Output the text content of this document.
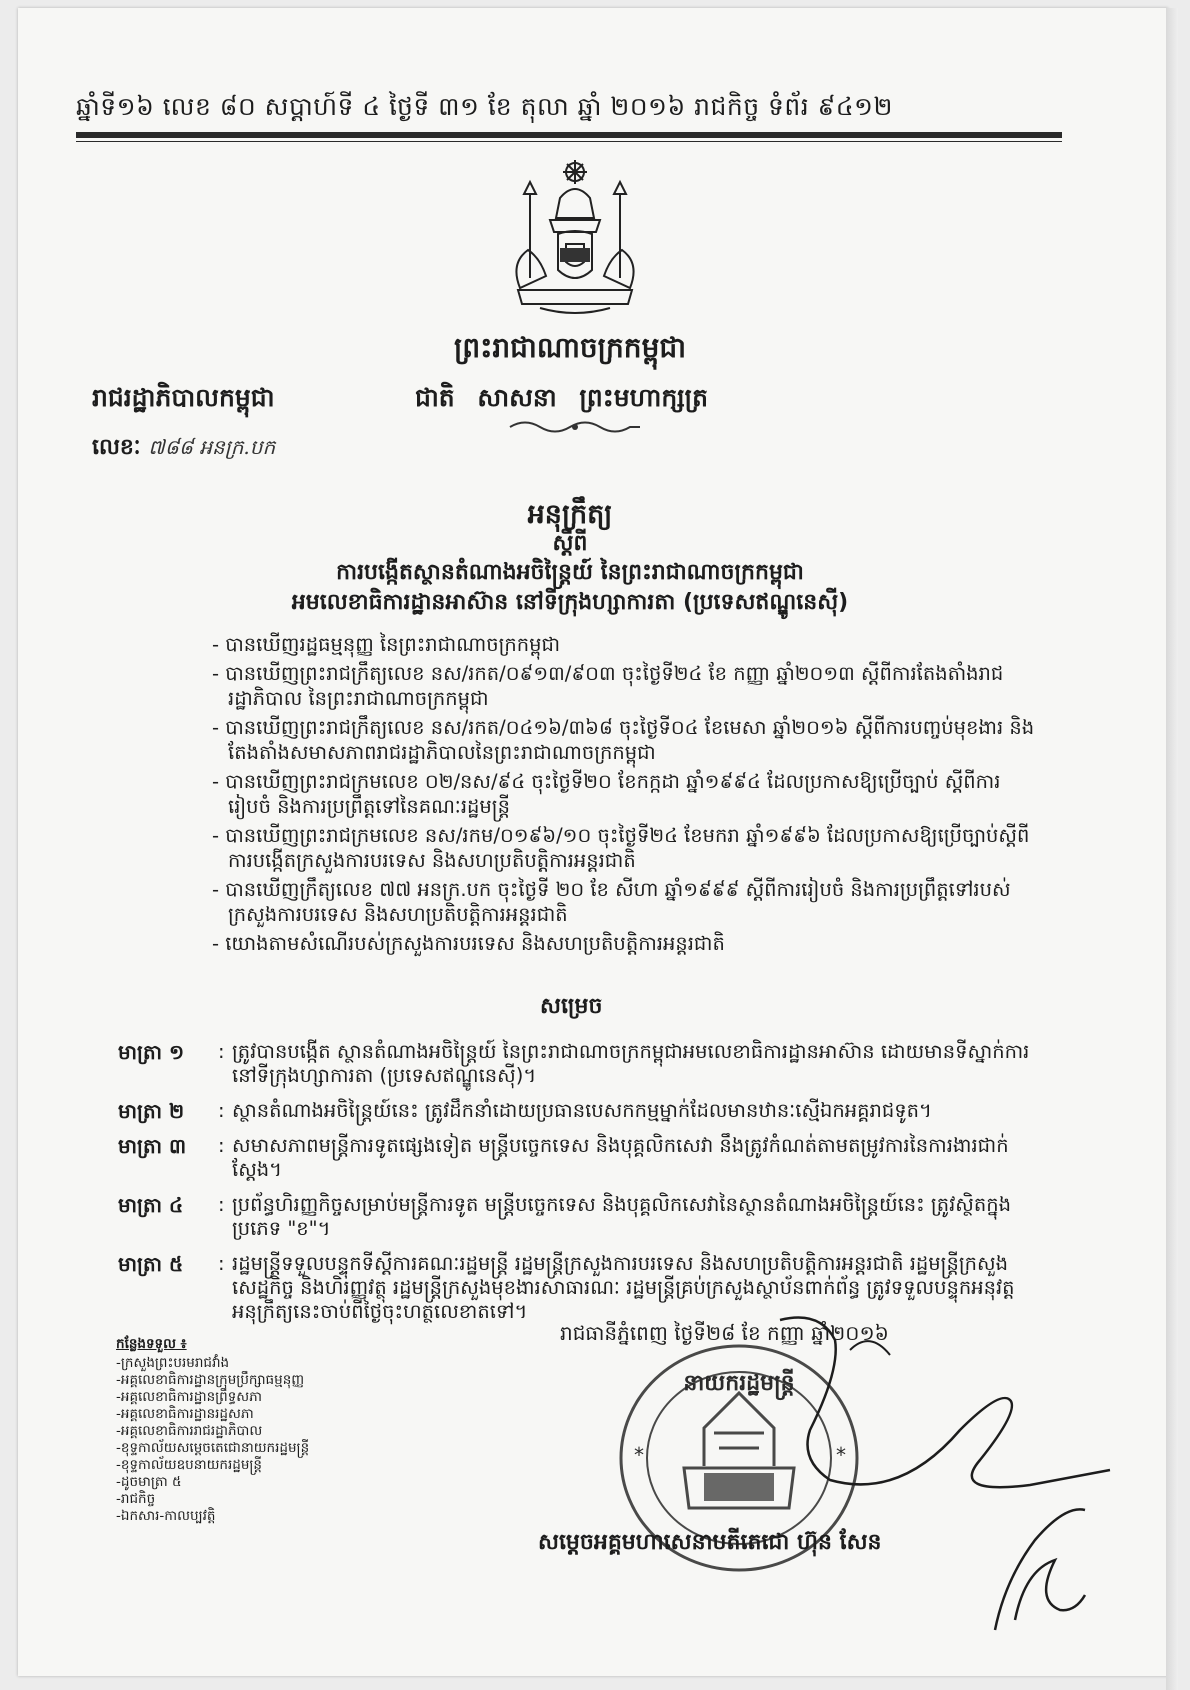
ឆ្នាំទី១៦ លេខ ៨០ សប្តាហ៍ទី ៤ ថ្ងៃទី ៣១ ខែ តុលា ឆ្នាំ ២០១៦ រាជកិច្ច ទំព័រ ៩៤១២
ព្រះរាជាណាចក្រកម្ពុជា
រាជរដ្ឋាភិបាលកម្ពុជា	ជាតិ សាសនា ព្រះមហាក្សត្រ
លេខៈ ៧៨៨ អនក្រ.បក
អនុក្រឹត្យ
ស្តីពី
ការបង្កើតស្ថានតំណាងអចិន្ត្រៃយ៍ នៃព្រះរាជាណាចក្រកម្ពុជា
អមលេខាធិការដ្ឋានអាស៊ាន នៅទីក្រុងហ្សាការតា (ប្រទេសឥណ្ឌូនេស៊ី)
- បានឃើញរដ្ឋធម្មនុញ្ញ នៃព្រះរាជាណាចក្រកម្ពុជា
- បានឃើញព្រះរាជក្រឹត្យលេខ នស/រកត/០៩១៣/៩០៣ ចុះថ្ងៃទី២៤ ខែ កញ្ញា ឆ្នាំ២០១៣ ស្តីពីការតែងតាំងរាជរដ្ឋាភិបាល នៃព្រះរាជាណាចក្រកម្ពុជា
- បានឃើញព្រះរាជក្រឹត្យលេខ នស/រកត/០៤១៦/៣៦៨ ចុះថ្ងៃទី០៤ ខែមេសា ឆ្នាំ២០១៦ ស្តីពីការបញ្ចប់មុខងារ និងតែងតាំងសមាសភាពរាជរដ្ឋាភិបាលនៃព្រះរាជាណាចក្រកម្ពុជា
- បានឃើញព្រះរាជក្រមលេខ ០២/នស/៩៤ ចុះថ្ងៃទី២០ ខែកក្កដា ឆ្នាំ១៩៩៤ ដែលប្រកាសឱ្យប្រើច្បាប់ ស្តីពីការរៀបចំ និងការប្រព្រឹត្តទៅនៃគណៈរដ្ឋមន្ត្រី
- បានឃើញព្រះរាជក្រមលេខ នស/រកម/០១៩៦/១០ ចុះថ្ងៃទី២៤ ខែមករា ឆ្នាំ១៩៩៦ ដែលប្រកាសឱ្យប្រើច្បាប់ស្តីពីការបង្កើតក្រសួងការបរទេស និងសហប្រតិបត្តិការអន្តរជាតិ
- បានឃើញក្រឹត្យលេខ ៧៧ អនក្រ.បក ចុះថ្ងៃទី ២០ ខែ សីហា ឆ្នាំ១៩៩៩ ស្តីពីការរៀបចំ និងការប្រព្រឹត្តទៅរបស់ក្រសួងការបរទេស និងសហប្រតិបត្តិការអន្តរជាតិ
- យោងតាមសំណើរបស់ក្រសួងការបរទេស និងសហប្រតិបត្តិការអន្តរជាតិ
សម្រេច
មាត្រា ១	: ត្រូវបានបង្កើត ស្ថានតំណាងអចិន្ត្រៃយ៍ នៃព្រះរាជាណាចក្រកម្ពុជាអមលេខាធិការដ្ឋានអាស៊ាន ដោយមានទីស្នាក់ការនៅទីក្រុងហ្សាការតា (ប្រទេសឥណ្ឌូនេស៊ី)។
មាត្រា ២	: ស្ថានតំណាងអចិន្ត្រៃយ៍នេះ ត្រូវដឹកនាំដោយប្រធានបេសកកម្មម្នាក់ដែលមានឋានៈស្មើឯកអគ្គរាជទូត។
មាត្រា ៣	: សមាសភាពមន្ត្រីការទូតផ្សេងទៀត មន្ត្រីបច្ចេកទេស និងបុគ្គលិកសេវា នឹងត្រូវកំណត់តាមតម្រូវការនៃការងារជាក់ស្តែង។
មាត្រា ៤	: ប្រព័ន្ធហិរញ្ញកិច្ចសម្រាប់មន្ត្រីការទូត មន្ត្រីបច្ចេកទេស និងបុគ្គលិកសេវានៃស្ថានតំណាងអចិន្ត្រៃយ៍នេះ ត្រូវស្ថិតក្នុងប្រភេទ "ខ"។
មាត្រា ៥	: រដ្ឋមន្ត្រីទទួលបន្ទុកទីស្តីការគណៈរដ្ឋមន្ត្រី រដ្ឋមន្ត្រីក្រសួងការបរទេស និងសហប្រតិបត្តិការអន្តរជាតិ រដ្ឋមន្ត្រីក្រសួងសេដ្ឋកិច្ច និងហិរញ្ញវត្ថុ រដ្ឋមន្ត្រីក្រសួងមុខងារសាធារណៈ រដ្ឋមន្ត្រីគ្រប់ក្រសួងស្ថាប័នពាក់ព័ន្ធ ត្រូវទទួលបន្ទុកអនុវត្តអនុក្រឹត្យនេះចាប់ពីថ្ងៃចុះហត្ថលេខាតទៅ។
រាជធានីភ្នំពេញ ថ្ងៃទី២៨ ខែ កញ្ញា ឆ្នាំ២០១៦
កន្លែងទទួល ៖
-ក្រសួងព្រះបរមរាជវាំង
-អគ្គលេខាធិការដ្ឋានក្រុមប្រឹក្សាធម្មនុញ្ញ
-អគ្គលេខាធិការដ្ឋានព្រឹទ្ធសភា
-អគ្គលេខាធិការដ្ឋានរដ្ឋសភា
-អគ្គលេខាធិការរាជរដ្ឋាភិបាល
-ខុទ្ទកាល័យសម្តេចតេជោនាយករដ្ឋមន្ត្រី
-ខុទ្ទកាល័យឧបនាយករដ្ឋមន្ត្រី
-ដូចមាត្រា ៥
-រាជកិច្ច
-ឯកសារ-កាលប្បវត្តិ
នាយករដ្ឋមន្ត្រី
*	*
សម្តេចអគ្គមហាសេនាបតីតេជោ ហ៊ុន សែន
